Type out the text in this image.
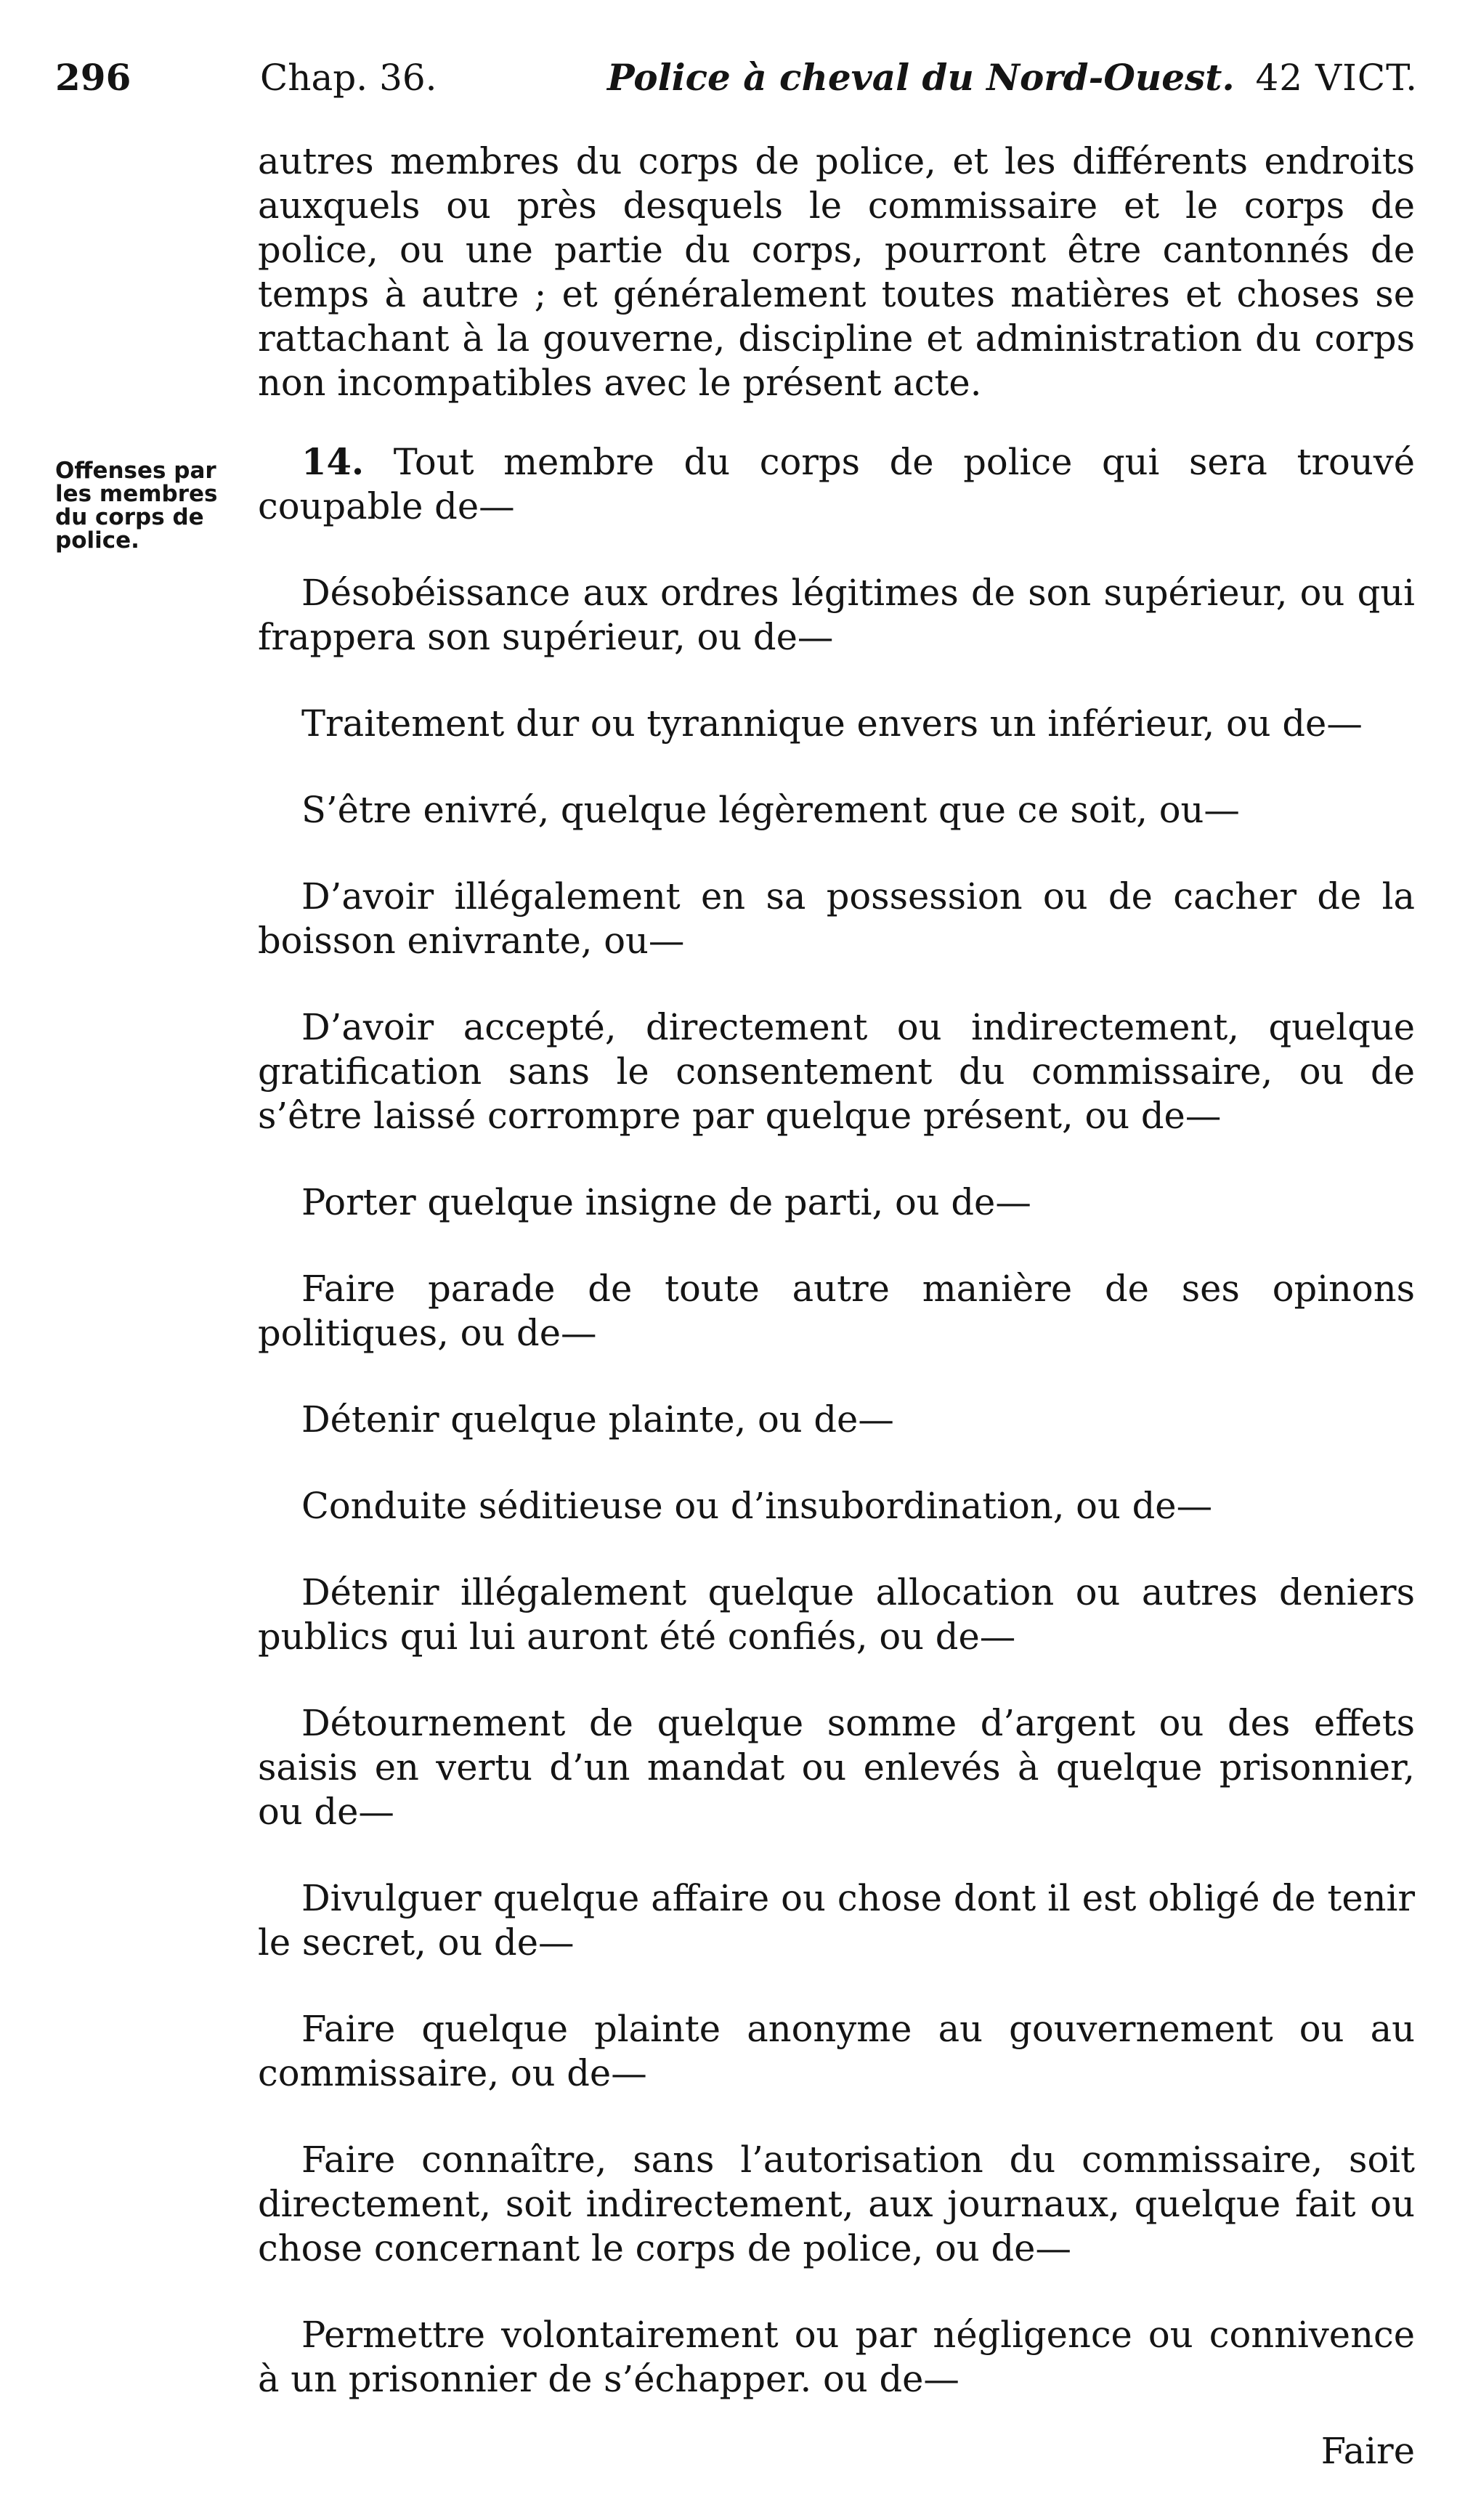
296	Chap. 36.	Police à cheval du Nord-Ouest. 42 VICT.
Offenses par les membres du corps de police.

autres membres du corps de police, et les différents endroits auxquels ou près desquels le commissaire et le corps de police, ou une partie du corps, pourront être cantonnés de temps à autre ; et généralement toutes matières et choses se rattachant à la gouverne, discipline et administration du corps non incompatibles avec le présent acte.

14. Tout membre du corps de police qui sera trouvé coupable de—

Désobéissance aux ordres légitimes de son supérieur, ou qui frappera son supérieur, ou de—

Traitement dur ou tyrannique envers un inférieur, ou de—

S’être enivré, quelque légèrement que ce soit, ou—

D’avoir illégalement en sa possession ou de cacher de la boisson enivrante, ou—

D’avoir accepté, directement ou indirectement, quelque gratification sans le consentement du commissaire, ou de s’être laissé corrompre par quelque présent, ou de—

Porter quelque insigne de parti, ou de—

Faire parade de toute autre manière de ses opinons politiques, ou de—

Détenir quelque plainte, ou de—

Conduite séditieuse ou d’insubordination, ou de—

Détenir illégalement quelque allocation ou autres deniers publics qui lui auront été confiés, ou de—

Détournement de quelque somme d’argent ou des effets saisis en vertu d’un mandat ou enlevés à quelque prisonnier, ou de—

Divulguer quelque affaire ou chose dont il est obligé de tenir le secret, ou de—

Faire quelque plainte anonyme au gouvernement ou au commissaire, ou de—

Faire connaître, sans l’autorisation du commissaire, soit directement, soit indirectement, aux journaux, quelque fait ou chose concernant le corps de police, ou de—

Permettre volontairement ou par négligence ou connivence à un prisonnier de s’échapper. ou de—

Faire
